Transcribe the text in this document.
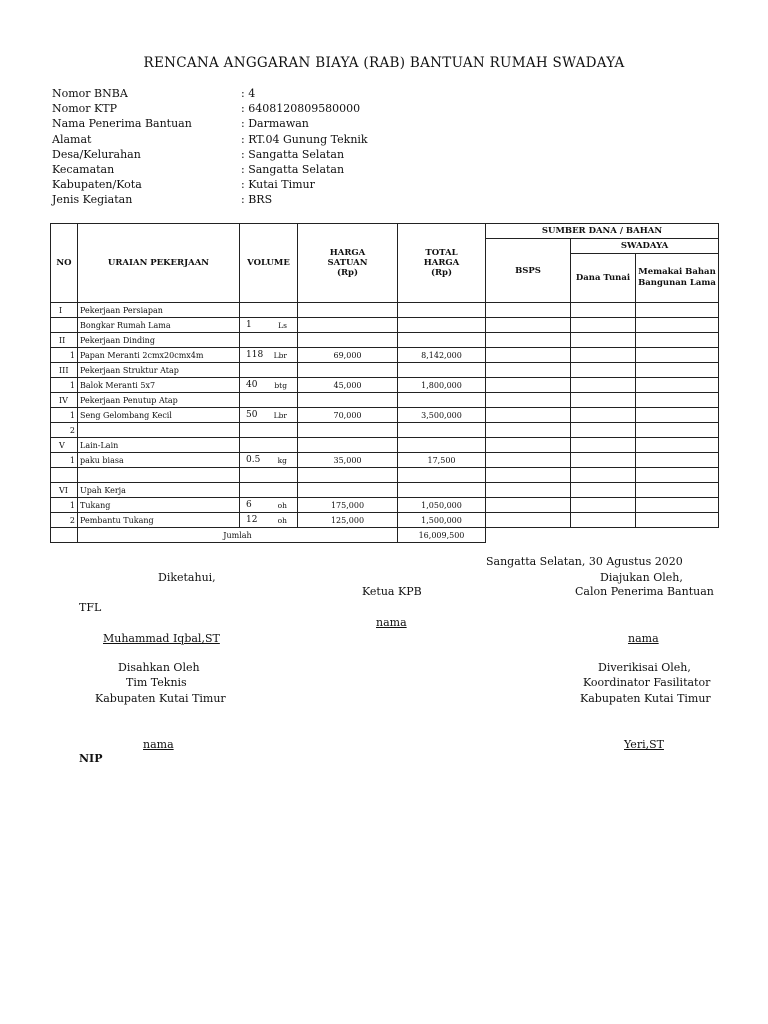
RENCANA ANGGARAN BIAYA (RAB) BANTUAN RUMAH SWADAYA
Nomor BNBA	: 4
Nomor KTP	: 6408120809580000
Nama Penerima Bantuan	: Darmawan
Alamat	: RT.04 Gunung Teknik
Desa/Kelurahan	: Sangatta Selatan
Kecamatan	: Sangatta Selatan
Kabupaten/Kota	: Kutai Timur
Jenis Kegiatan	: BRS
NO	URAIAN PEKERJAAN	VOLUME	HARGA SATUAN (Rp)	TOTAL HARGA (Rp)	SUMBER DANA / BAHAN		
					BSPS	SWADAYA	
						Dana Tunai	Memakai Bahan Bangunan Lama
I	Pekerjaan Persiapan	

	Bongkar Rumah Lama	1 Ls					

II	Pekerjaan Dinding	

1	Papan Meranti 2cmx20cmx4m	118 Lbr	69,000	8,142,000			
III	Pekerjaan Struktur Atap	

1	Balok Meranti 5x7	40 btg	45,000	1,800,000			
IV	Pekerjaan Penutup Atap	

1	Seng Gelombang Kecil	50 Lbr	70,000	3,500,000			
2		

V	Lain-Lain	

1	paku biasa	0.5 kg	35,000	17,500			

VI	Upah Kerja	

1	Tukang	6 oh	175,000	1,050,000			
2	Pembantu Tukang	12 oh	125,000	1,500,000			
	Jumlah			16,009,500			
Sangatta Selatan, 30 Agustus 2020
Diketahui,	Diajukan Oleh,
Ketua KPB	Calon Penerima Bantuan
TFL
nama
Muhammad Iqbal,ST	nama
Disahkan Oleh	Diverikisai Oleh,
Tim Teknis	Koordinator Fasilitator
Kabupaten Kutai Timur	Kabupaten Kutai Timur
nama	Yeri,ST
NIP
